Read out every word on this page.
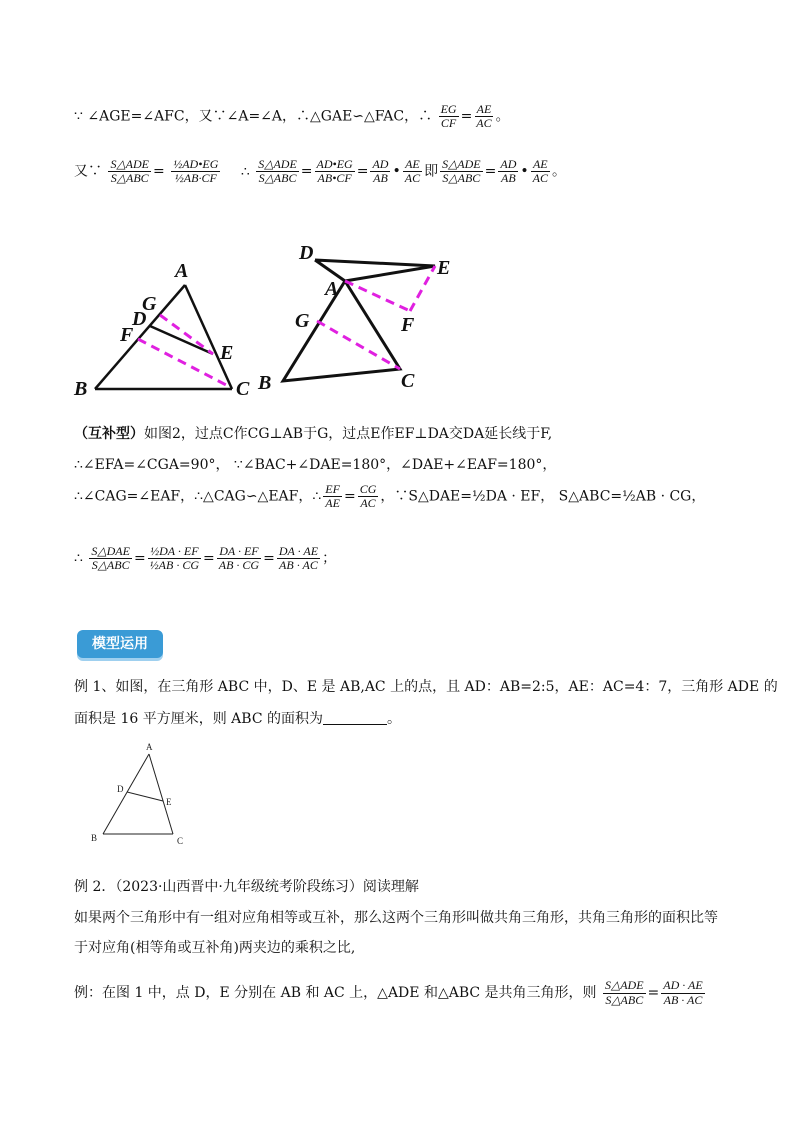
∵ ∠AGE=∠AFC，又∵∠A=∠A，∴△GAE∽△FAC，∴ $\frac{EG}{CF} = \frac{AE}{AC}$ 。
又∵ $\frac{\text{S△ADE}}{\text{S△ABC}} = \frac{\text{½AD•EG}}{\text{½AB·CF}}$ ∴ $\frac{\text{S△ADE}}{\text{S△ABC}} = \frac{AD•EG}{AB•CF} = \frac{AD}{AB}$ • $\frac{AE}{AC}$ 即 $\frac{\text{S△ADE}}{\text{S△ABC}} = \frac{AD}{AB}$ • $\frac{AE}{AC}$ 。
A
G
D
F
E
B	C
D
E
A
F
G
B	C
（互补型）如图2，过点C作CG⊥AB于G，过点E作EF⊥DA交DA延长线于F,
∴∠EFA=∠CGA=90°， ∵∠BAC+∠DAE=180°，∠DAE+∠EAF=180°，
∴∠CAG=∠EAF，∴△CAG∽△EAF，∴ $\frac{EF}{AE} = \frac{CG}{AC}$ ，∵S△DAE=½DA · EF， S△ABC=½AB · CG，
∴ $\frac{\text{S△DAE}}{\text{S△ABC}} = \frac{\text{½DA · EF}}{\text{½AB · CG}} = \frac{DA \cdot EF}{AB \cdot CG} = \frac{DA \cdot AE}{AB \cdot AC}$ ；
模型运用
例 1、如图，在三角形 ABC 中，D、E 是 AB,AC 上的点，且 AD：AB=2:5，AE：AC=4：7，三角形 ADE 的
面积是 16 平方厘米，则 ABC 的面积为	。
A
D
E
B	C
例 2．（2023·山西晋中·九年级统考阶段练习）阅读理解
如果两个三角形中有一组对应角相等或互补，那么这两个三角形叫做共角三角形，共角三角形的面积比等
于对应角(相等角或互补角)两夹边的乘积之比,
例：在图 1 中，点 D，E 分别在 AB 和 AC 上，△ADE 和△ABC 是共角三角形，则 $\frac{\text{S△ADE}}{\text{S△ABC}} = \frac{AD \cdot AE}{AB \cdot AC}$
